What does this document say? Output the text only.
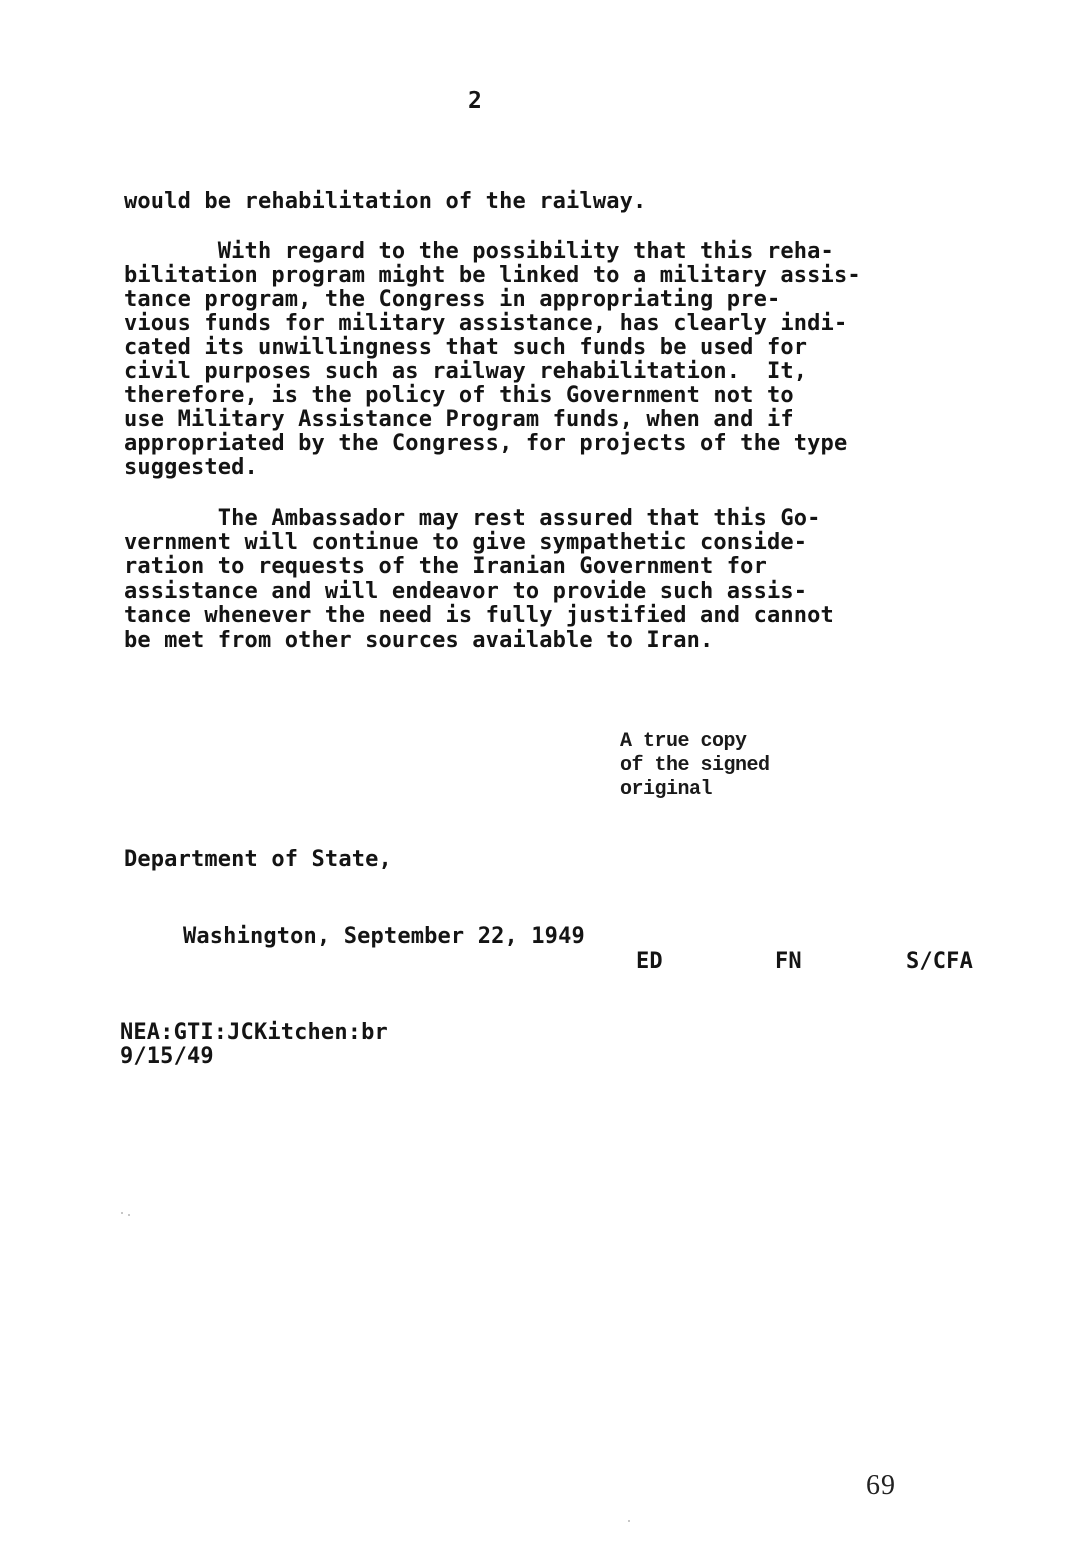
2
would be rehabilitation of the railway.
With regard to the possibility that this reha-
bilitation program might be linked to a military assis-
tance program, the Congress in appropriating pre-
vious funds for military assistance, has clearly indi-
cated its unwillingness that such funds be used for
civil purposes such as railway rehabilitation.  It,
therefore, is the policy of this Government not to
use Military Assistance Program funds, when and if
appropriated by the Congress, for projects of the type
suggested.
The Ambassador may rest assured that this Go-
vernment will continue to give sympathetic conside-
ration to requests of the Iranian Government for
assistance and will endeavor to provide such assis-
tance whenever the need is fully justified and cannot
be met from other sources available to Iran.
A true copy
of the signed
original
Department of State,
Washington, September 22, 1949
ED	FN	S/CFA
NEA:GTI:JCKitchen:br
9/15/49
69
